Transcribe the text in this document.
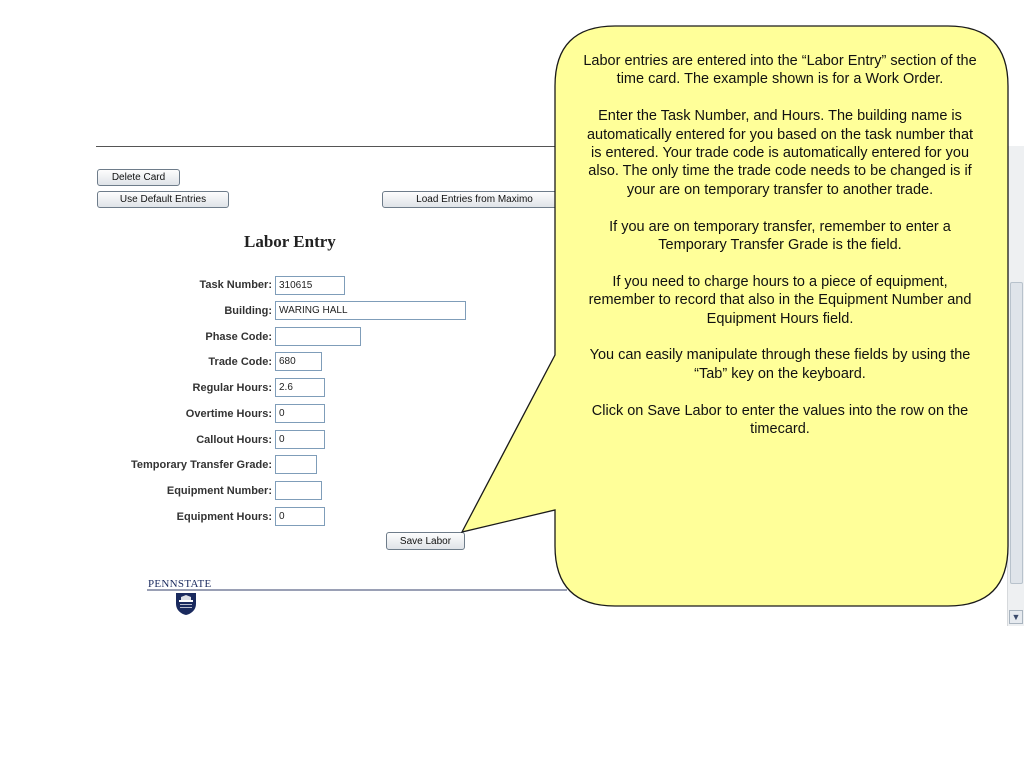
Delete Card
Use Default Entries	Load Entries from Maximo
Labor Entry
Task Number:
310615
Building:
WARING HALL
Phase Code:
Trade Code:
680
Regular Hours:
2.6
Overtime Hours:
0
Callout Hours:
0
Temporary Transfer Grade:
Equipment Number:
Equipment Hours:
0
Save Labor
PENNSTATE
▼

Labor entries are entered into the “Labor Entry” section of the time card. The example shown is for a Work Order.

Enter the Task Number, and Hours. The building name is automatically entered for you based on the task number that is entered. Your trade code is automatically entered for you also. The only time the trade code needs to be changed is if your are on temporary transfer to another trade.

If you are on temporary transfer, remember to enter a Temporary Transfer Grade is the field.

If you need to charge hours to a piece of equipment, remember to record that also in the Equipment Number and Equipment Hours field.

You can easily manipulate through these fields by using the “Tab” key on the keyboard.

Click on Save Labor to enter the values into the row on the timecard.
